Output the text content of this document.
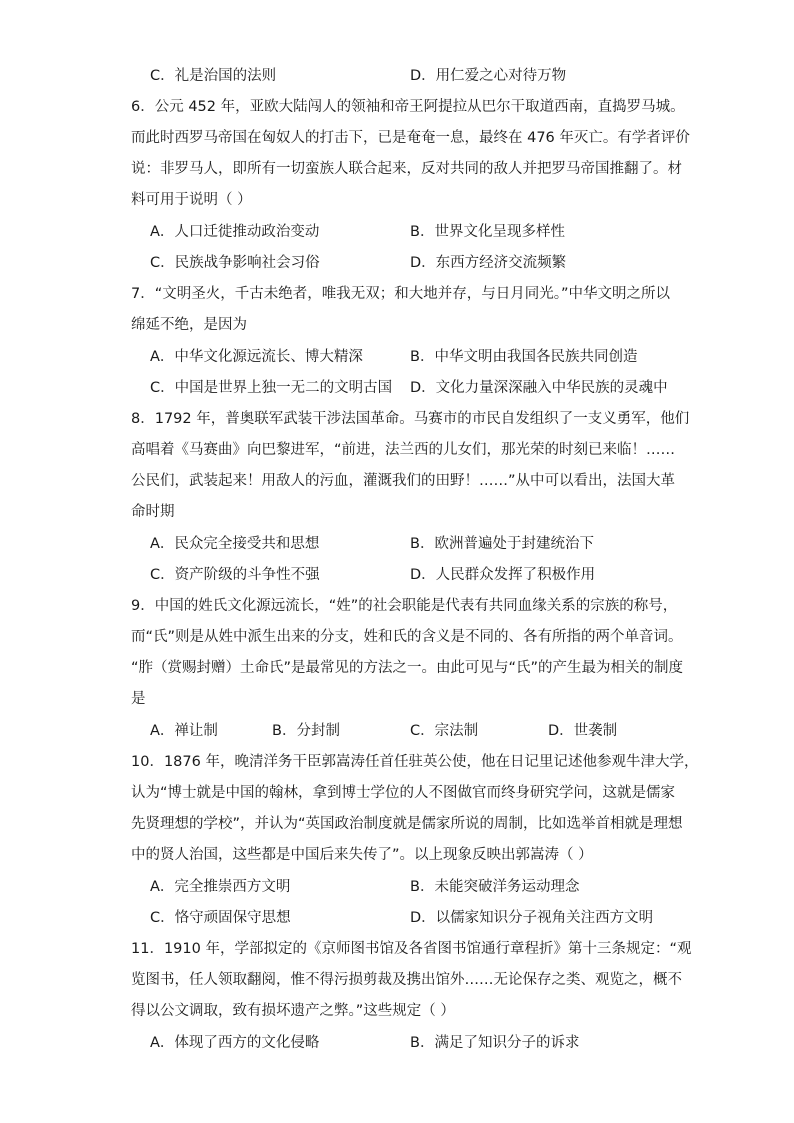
C．礼是治国的法则	D．用仁爱之心对待万物
6．公元 452 年，亚欧大陆闯人的领袖和帝王阿提拉从巴尔干取道西南，直捣罗马城。
而此时西罗马帝国在匈奴人的打击下，已是奄奄一息，最终在 476 年灭亡。有学者评价
说：非罗马人，即所有一切蛮族人联合起来，反对共同的敌人并把罗马帝国推翻了。材
料可用于说明（ ）
A．人口迁徙推动政治变动	B．世界文化呈现多样性
C．民族战争影响社会习俗	D．东西方经济交流频繁
7．“文明圣火，千古未绝者，唯我无双；和大地并存，与日月同光。”中华文明之所以
绵延不绝，是因为
A．中华文化源远流长、博大精深	B．中华文明由我国各民族共同创造
C．中国是世界上独一无二的文明古国 D．文化力量深深融入中华民族的灵魂中
8．1792 年，普奥联军武装干涉法国革命。马赛市的市民自发组织了一支义勇军，他们
高唱着《马赛曲》向巴黎进军，“前进，法兰西的儿女们，那光荣的时刻已来临！……
公民们，武装起来！用敌人的污血，灌溉我们的田野！……”从中可以看出，法国大革
命时期
A．民众完全接受共和思想	B．欧洲普遍处于封建统治下
C．资产阶级的斗争性不强	D．人民群众发挥了积极作用
9．中国的姓氏文化源远流长，“姓”的社会职能是代表有共同血缘关系的宗族的称号，
而“氏”则是从姓中派生出来的分支，姓和氏的含义是不同的、各有所指的两个单音词。
“胙（赏赐封赠）土命氏”是最常见的方法之一。由此可见与“氏”的产生最为相关的制度
是
A．禅让制	B．分封制	C．宗法制	D．世袭制
10．1876 年，晚清洋务干臣郭嵩涛任首任驻英公使，他在日记里记述他参观牛津大学，
认为“博士就是中国的翰林，拿到博士学位的人不图做官而终身研究学问，这就是儒家
先贤理想的学校”，并认为“英国政治制度就是儒家所说的周制，比如选举首相就是理想
中的贤人治国，这些都是中国后来失传了”。以上现象反映出郭嵩涛（ ）
A．完全推崇西方文明	B．未能突破洋务运动理念
C．恪守顽固保守思想	D．以儒家知识分子视角关注西方文明
11．1910 年，学部拟定的《京师图书馆及各省图书馆通行章程折》第十三条规定：“观
览图书，任人领取翻阅，惟不得污损剪裁及携出馆外……无论保存之类、观览之，概不
得以公文调取，致有损坏遗产之弊。”这些规定（ ）
A．体现了西方的文化侵略	B．满足了知识分子的诉求
